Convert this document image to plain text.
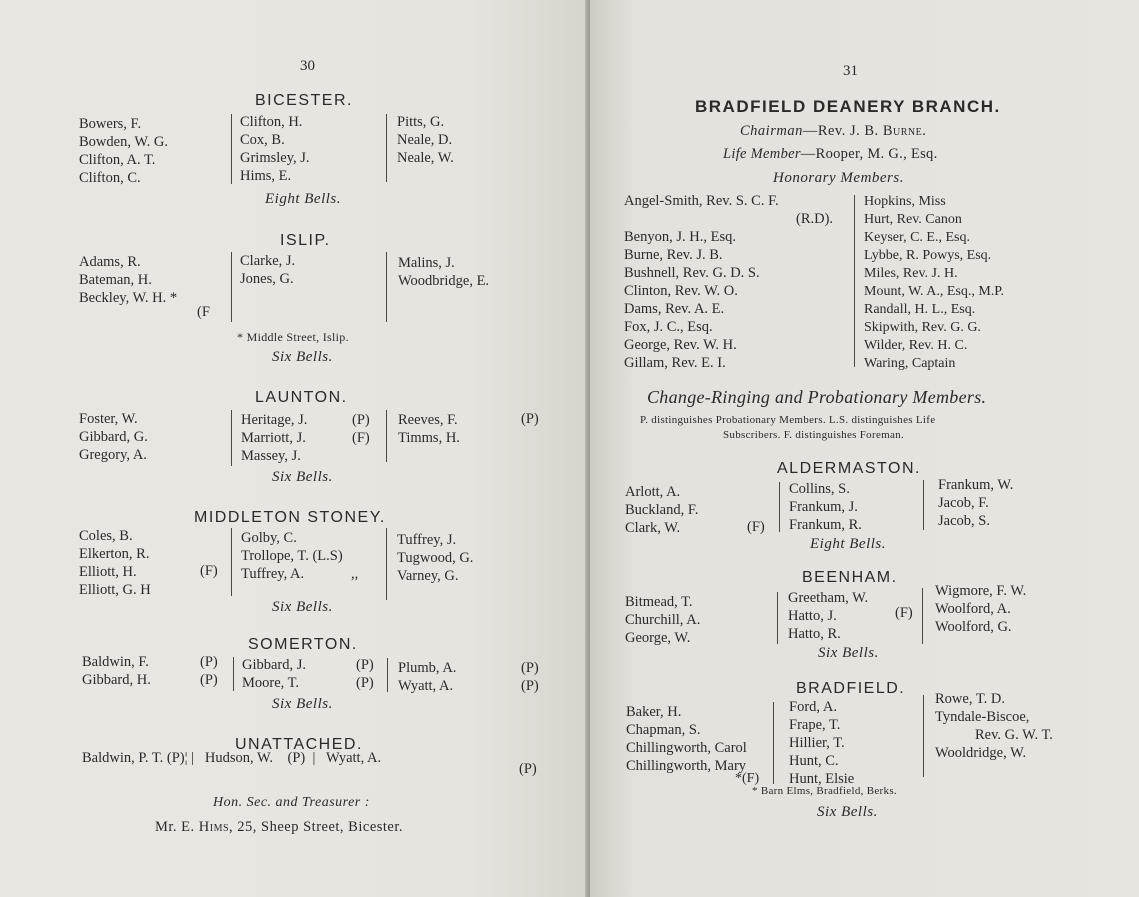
30
BICESTER.
Bowers, F.
Bowden, W. G.
Clifton, A. T.
Clifton, C.
Clifton, H.
Cox, B.
Grimsley, J.
Hims, E.
Pitts, G.
Neale, D.
Neale, W.
Eight Bells.
ISLIP.
Adams, R.
Bateman, H.
Beckley, W. H. *
(F
Clarke, J.
Jones, G.
Malins, J.
Woodbridge, E.
* Middle Street, Islip.
Six Bells.
LAUNTON.
Foster, W.
Gibbard, G.
Gregory, A.
Heritage, J.
Marriott, J.
Massey, J.
(P)
(F)
Reeves, F.
Timms, H.
(P)
Six Bells.
MIDDLETON STONEY.
Coles, B.
Elkerton, R.
Elliott, H.
Elliott, G. H
(F)
Golby, C.
Trollope, T. (L.S)
Tuffrey, A.	,,
Tuffrey, J.
Tugwood, G.
Varney, G.
Six Bells.
SOMERTON.
Baldwin, F.
Gibbard, H.
(P)
(P)
Gibbard, J.
Moore, T.
(P)
(P)
Plumb, A.
Wyatt, A.
(P)
(P)
Six Bells.
UNATTACHED.
Baldwin, P. T. (P)¦ |   Hudson, W. (P)  |   Wyatt, A.
(P)
Hon. Sec. and Treasurer :
Mr. E. Hims, 25, Sheep Street, Bicester.
31
BRADFIELD DEANERY BRANCH.
Chairman—Rev. J. B. Burne.
Life Member—Rooper, M. G., Esq.
Honorary Members.
Angel-Smith, Rev. S. C. F.
(R.D).
Benyon, J. H., Esq.
Burne, Rev. J. B.
Bushnell, Rev. G. D. S.
Clinton, Rev. W. O.
Dams, Rev. A. E.
Fox, J. C., Esq.
George, Rev. W. H.
Gillam, Rev. E. I.
Hopkins, Miss
Hurt, Rev. Canon
Keyser, C. E., Esq.
Lybbe, R. Powys, Esq.
Miles, Rev. J. H.
Mount, W. A., Esq., M.P.
Randall, H. L., Esq.
Skipwith, Rev. G. G.
Wilder, Rev. H. C.
Waring, Captain
Change-Ringing and Probationary Members.
P. distinguishes Probationary Members. L.S. distinguishes Life
Subscribers. F. distinguishes Foreman.
ALDERMASTON.
Arlott, A.
Buckland, F.
Clark, W.	(F)
Collins, S.
Frankum, J.
Frankum, R.
Frankum, W.
Jacob, F.
Jacob, S.
Eight Bells.
BEENHAM.
Bitmead, T.
Churchill, A.
George, W.
Greetham, W.
Hatto, J.
Hatto, R.
(F)
Wigmore, F. W.
Woolford, A.
Woolford, G.
Six Bells.
BRADFIELD.
Baker, H.
Chapman, S.
Chillingworth, Carol
Chillingworth, Mary
*(F)
Ford, A.
Frape, T.
Hillier, T.
Hunt, C.
Hunt, Elsie
Rowe, T. D.
Tyndale-Biscoe,
Rev. G. W. T.
Wooldridge, W.
* Barn Elms, Bradfield, Berks.
Six Bells.
